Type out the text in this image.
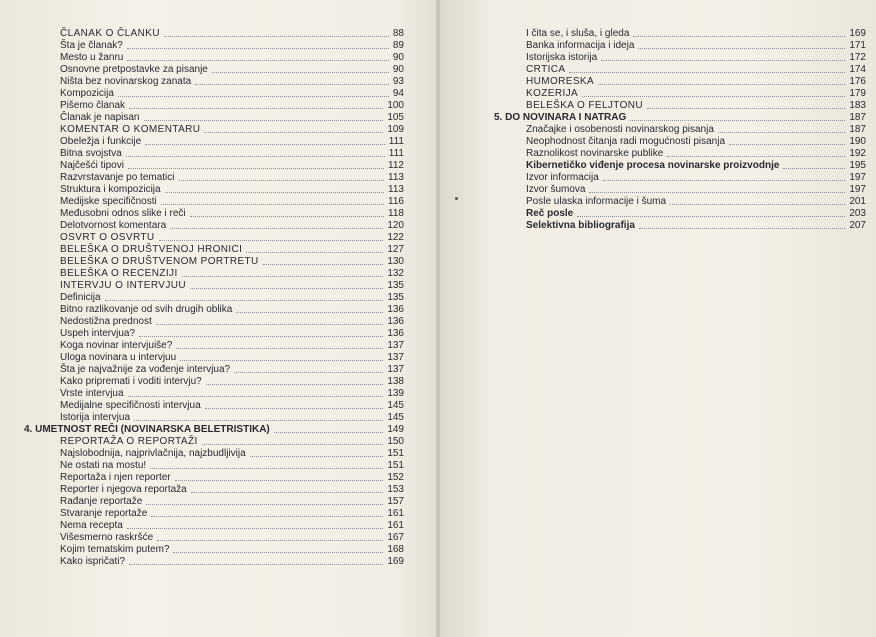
ČLANAK O ČLANKU	88
Šta je članak?	89
Mesto u žanru	90
Osnovne pretpostavke za pisanje	90
Ništa bez novinarskog zanata	93
Kompozicija	94
Pišemo članak	100
Članak je napisan	105
KOMENTAR O KOMENTARU	109
Obeležja i funkcije	111
Bitna svojstva	111
Najčešći tipovi	112
Razvrstavanje po tematici	113
Struktura i kompozicija	113
Medijske specifičnosti	116
Međusobni odnos slike i reči	118
Delotvornost komentara	120
OSVRT O OSVRTU	122
BELEŠKA O DRUŠTVENOJ HRONICI	127
BELEŠKA O DRUŠTVENOM PORTRETU	130
BELEŠKA O RECENZIJI	132
INTERVJU O INTERVJUU	135
Definicija	135
Bitno razlikovanje od svih drugih oblika	136
Nedostižna prednost	136
Uspeh intervjua?	136
Koga novinar intervjuiše?	137
Uloga novinara u intervjuu	137
Šta je najvažnije za vođenje intervjua?	137
Kako pripremati i voditi intervju?	138
Vrste intervjua	139
Medijalne specifičnosti intervjua	145
Istorija intervjua	145
4. UMETNOST REČI (NOVINARSKA BELETRISTIKA)	149
REPORTAŽA O REPORTAŽI	150
Najslobodnija, najprivlačnija, najzbudljivija	151
Ne ostati na mostu!	151
Reportaža i njen reporter	152
Reporter i njegova reportaža	153
Rađanje reportaže	157
Stvaranje reportaže	161
Nema recepta	161
Višesmerno raskršće	167
Kojim tematskim putem?	168
Kako ispričati?	169
I čita se, i sluša, i gleda	169
Banka informacija i ideja	171
Istorijska istorija	172
CRTICA	174
HUMORESKA	176
KOZERIJA	179
BELEŠKA O FELJTONU	183
5. DO NOVINARA I NATRAG	187
Značajke i osobenosti novinarskog pisanja	187
Neophodnost čitanja radi mogućnosti pisanja	190
Raznolikost novinarske publike	192
Kibernetičko viđenje procesa novinarske proizvodnje	195
Izvor informacija	197
Izvor šumova	197
Posle ulaska informacije i šuma	201
Reč posle	203
Selektivna bibliografija	207
